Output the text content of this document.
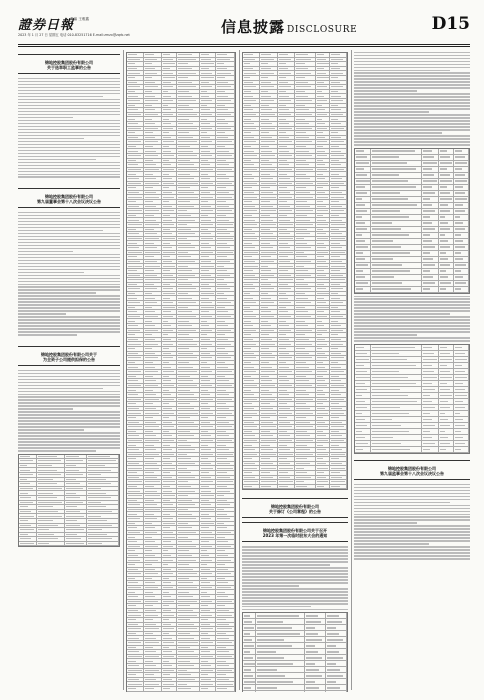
證券日報
责编 王雅鑫
2023 年 1 月 27 日 星期五 电话 010-83251716 E-mail:zmzx@zqrb.net	信息披露 DISCLOSURE	D15
锦地控股集团股份有限公司
关于选举职工监事的公告
锦地控股集团股份有限公司
第九届董事会第十八次会议决议公告
锦地控股集团股份有限公司关于
为全资子公司提供担保的公告
锦地控股集团股份有限公司
关于修订《公司章程》的公告
锦地控股集团股份有限公司关于召开
2023 年第一次临时股东大会的通知
锦地控股集团股份有限公司
第九届监事会第十八次会议决议公告
